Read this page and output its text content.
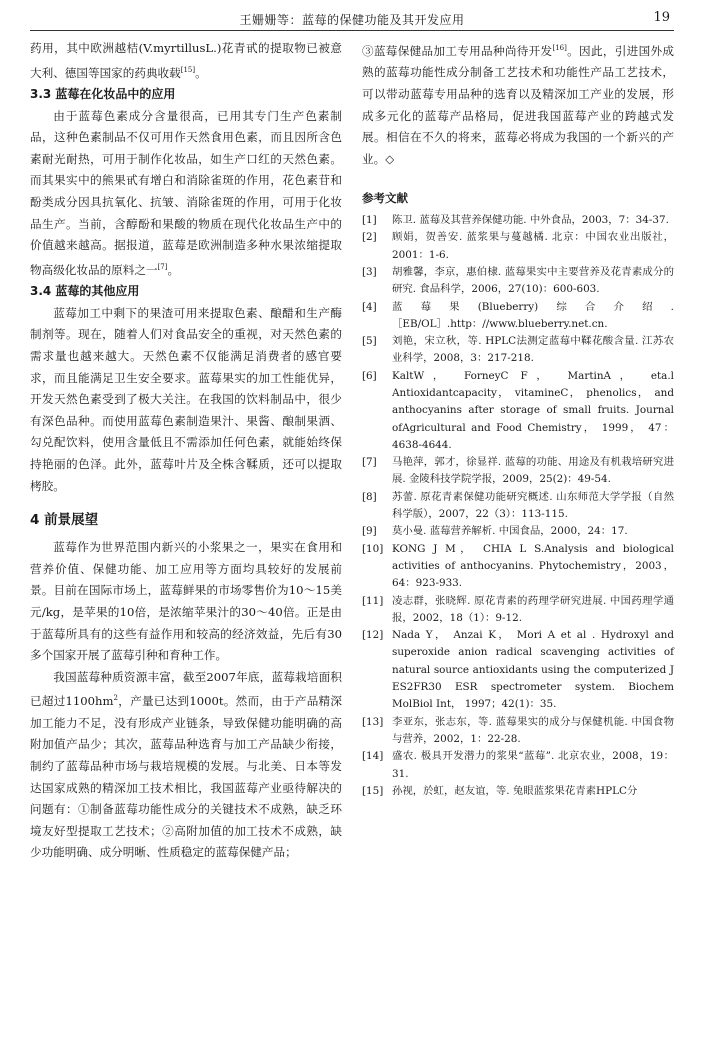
王姗姗等：蓝莓的保健功能及其开发应用	19

药用，其中欧洲越桔(V.myrtillusL.)花青甙的提取物已被意大利、德国等国家的药典收载[15]。

3.3 蓝莓在化妆品中的应用

由于蓝莓色素成分含量很高，已用其专门生产色素制品，这种色素制品不仅可用作天然食用色素，而且因所含色素耐光耐热，可用于制作化妆品，如生产口红的天然色素。而其果实中的熊果甙有增白和消除雀斑的作用，花色素苷和酚类成分因具抗氧化、抗皱、消除雀斑的作用，可用于化妆品生产。当前，含醇酚和果酸的物质在现代化妆品生产中的价值越来越高。据报道，蓝莓是欧洲制造多种水果浓缩提取物高级化妆品的原料之一[7]。

3.4 蓝莓的其他应用

蓝莓加工中剩下的果渣可用来提取色素、酿醋和生产酶制剂等。现在，随着人们对食品安全的重视，对天然色素的需求量也越来越大。天然色素不仅能满足消费者的感官要求，而且能满足卫生安全要求。蓝莓果实的加工性能优异，开发天然色素受到了极大关注。在我国的饮料制品中，很少有深色品种。而使用蓝莓色素制造果汁、果酱、酿制果酒、勾兑配饮料，使用含量低且不需添加任何色素，就能始终保持艳丽的色泽。此外，蓝莓叶片及全株含鞣质，还可以提取栲胶。

4 前景展望

蓝莓作为世界范围内新兴的小浆果之一，果实在食用和营养价值、保健功能、加工应用等方面均具较好的发展前景。目前在国际市场上，蓝莓鲜果的市场零售价为10～15美元/kg，是苹果的10倍，是浓缩苹果汁的30～40倍。正是由于蓝莓所具有的这些有益作用和较高的经济效益，先后有30多个国家开展了蓝莓引种和育种工作。

我国蓝莓种质资源丰富，截至2007年底，蓝莓栽培面积已超过$1100hm^2$，产量已达到1000t。然而，由于产品精深加工能力不足，没有形成产业链条，导致保健功能明确的高附加值产品少；其次，蓝莓品种选育与加工产品缺少衔接，制约了蓝莓品种市场与栽培规模的发展。与北美、日本等发达国家成熟的精深加工技术相比，我国蓝莓产业亟待解决的问题有：①制备蓝莓功能性成分的关键技术不成熟，缺乏环境友好型提取工艺技术；②高附加值的加工技术不成熟，缺少功能明确、成分明晰、性质稳定的蓝莓保健产品；

③蓝莓保健品加工专用品种尚待开发[16]。因此，引进国外成熟的蓝莓功能性成分制备工艺技术和功能性产品工艺技术，可以带动蓝莓专用品种的选育以及精深加工产业的发展，形成多元化的蓝莓产品格局，促进我国蓝莓产业的跨越式发展。相信在不久的将来，蓝莓必将成为我国的一个新兴的产业。◇

参考文献
[1] 陈卫. 蓝莓及其营养保健功能. 中外食品，2003，7：34-37.
[2] 顾娟，贺善安. 蓝浆果与蔓越橘. 北京：中国农业出版社，2001：1-6.
[3] 胡雅馨，李京，惠伯棣. 蓝莓果实中主要营养及花青素成分的研究. 食品科学，2006，27(10)：600-603.
[4] 蓝莓果(Blueberry)综合介绍.［EB/OL］.http：//www.blueberry.net.cn.
[5] 刘艳，宋立秋，等. HPLC法测定蓝莓中鞣花酸含量. 江苏农业科学，2008，3：217-218.
[6] KaltW， ForneyC F， MartinA， eta.l Antioxidantcapacity， vitamineC， phenolics， and anthocyanins after storage of small fruits. Journal ofAgricultural and Food Chemistry， 1999， 47：4638-4644.
[7] 马艳萍，郭才，徐显祥. 蓝莓的功能、用途及有机栽培研究进展. 金陵科技学院学报，2009，25(2)：49-54.
[8] 苏蕾. 原花青素保健功能研究概述. 山东师范大学学报（自然科学版），2007，22（3）：113-115.
[9] 莫小曼. 蓝莓营养解析. 中国食品，2000，24：17.
[10] KONG J M， CHIA L S.Analysis and biological activities of anthocyanins. Phytochemistry，2003，64：923-933.
[11] 凌志群，张晓辉. 原花青素的药理学研究进展. 中国药理学通报，2002，18（1）：9-12.
[12] Nada Y， Anzai K， Mori A et al . Hydroxyl and superoxide anion radical scavenging activities of natural source antioxidants using the computerized J ES2FR30 ESR spectrometer system. Biochem MolBiol Int， 1997；42(1)：35.
[13] 李亚东，张志东，等. 蓝莓果实的成分与保健机能. 中国食物与营养，2002，1：22-28.
[14] 盛农. 极具开发潜力的浆果“蓝莓”. 北京农业，2008，19：31.
[15] 孙视，於虹，赵友谊，等. 兔眼蓝浆果花青素HPLC分
